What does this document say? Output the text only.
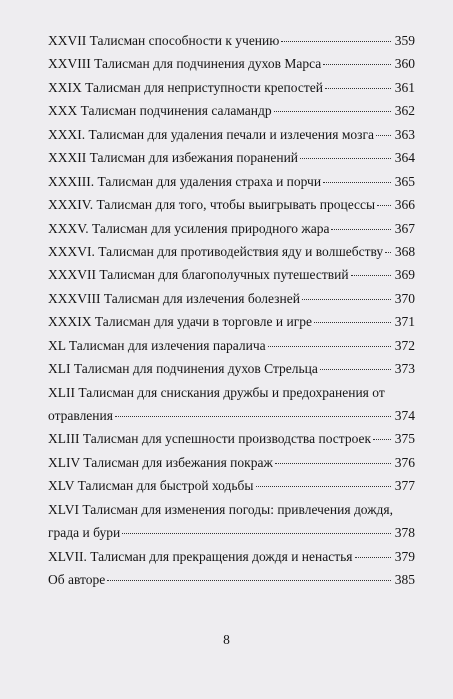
XXVII Талисман способности к учению	359
XXVIII Талисман для подчинения духов Марса	360
XXIX Талисман для неприступности крепостей	361
XXX Талисман подчинения саламандр	362
XXXI. Талисман для удаления печали и излечения мозга 363
XXXII Талисман для избежания поранений	364
XXXIII. Талисман для удаления страха и порчи	365
XXXIV. Талисман для того, чтобы выигрывать процессы 366
XXXV. Талисман для усиления природного жара	367
XXXVI. Талисман для противодействия яду и волшебству 368
XXXVII Талисман для благополучных путешествий	369
XXXVIII Талисман для излечения болезней	370
XXXIX Талисман для удачи в торговле и игре	371
XL Талисман для излечения паралича	372
XLI Талисман для подчинения духов Стрельца	373
XLII Талисман для снискания дружбы и предохранения от
отравления	374
XLIII Талисман для успешности производства построек 375
XLIV Талисман для избежания покраж	376
XLV Талисман для быстрой ходьбы	377
XLVI Талисман для изменения погоды: привлечения дождя,
града и бури	378
XLVII. Талисман для прекращения дождя и ненастья	379
Об авторе	385
8
